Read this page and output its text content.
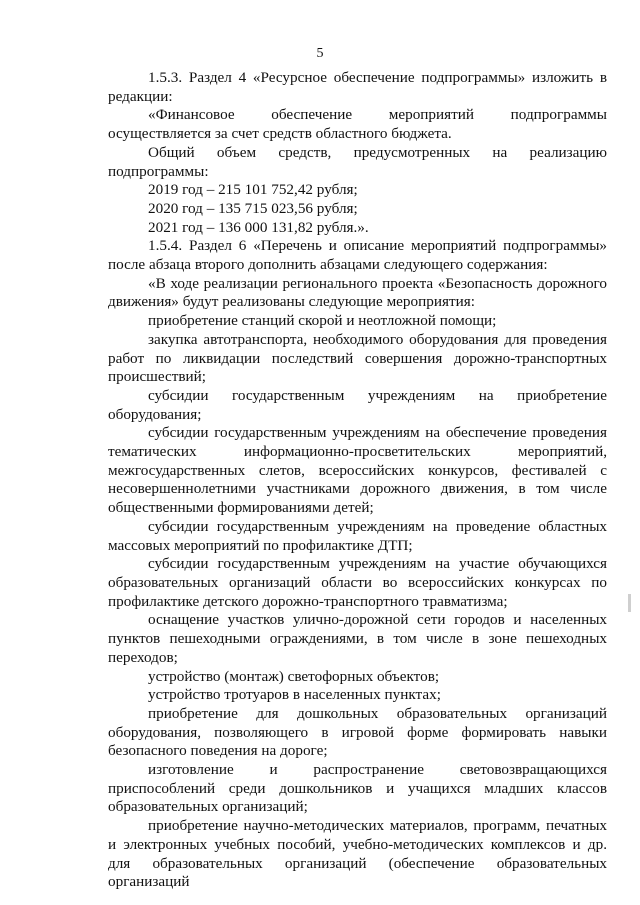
5

1.5.3. Раздел 4 «Ресурсное обеспечение подпрограммы» изложить в редакции:

«Финансовое обеспечение мероприятий подпрограммы осуществляется за счет средств областного бюджета.

Общий объем средств, предусмотренных на реализацию подпрограммы:

2019 год – 215 101 752,42 рубля;

2020 год – 135 715 023,56 рубля;

2021 год – 136 000 131,82 рубля.».

1.5.4. Раздел 6 «Перечень и описание мероприятий подпрограммы» после абзаца второго дополнить абзацами следующего содержания:

«В ходе реализации регионального проекта «Безопасность дорожного движения» будут реализованы следующие мероприятия:

приобретение станций скорой и неотложной помощи;

закупка автотранспорта, необходимого оборудования для проведения работ по ликвидации последствий совершения дорожно-транспортных происшествий;

субсидии государственным учреждениям на приобретение оборудования;

субсидии государственным учреждениям на обеспечение проведения тематических информационно-просветительских мероприятий, межгосударственных слетов, всероссийских конкурсов, фестивалей с несовершеннолетними участниками дорожного движения, в том числе общественными формированиями детей;

субсидии государственным учреждениям на проведение областных массовых мероприятий по профилактике ДТП;

субсидии государственным учреждениям на участие обучающихся образовательных организаций области во всероссийских конкурсах по профилактике детского дорожно-транспортного травматизма;

оснащение участков улично-дорожной сети городов и населенных пунктов пешеходными ограждениями, в том числе в зоне пешеходных переходов;

устройство (монтаж) светофорных объектов;

устройство тротуаров в населенных пунктах;

приобретение для дошкольных образовательных организаций оборудования, позволяющего в игровой форме формировать навыки безопасного поведения на дороге;

изготовление и распространение световозвращающихся приспособлений среди дошкольников и учащихся младших классов образовательных организаций;

приобретение научно-методических материалов, программ, печатных и электронных учебных пособий, учебно-методических комплексов и др. для образовательных организаций (обеспечение образовательных организаций
